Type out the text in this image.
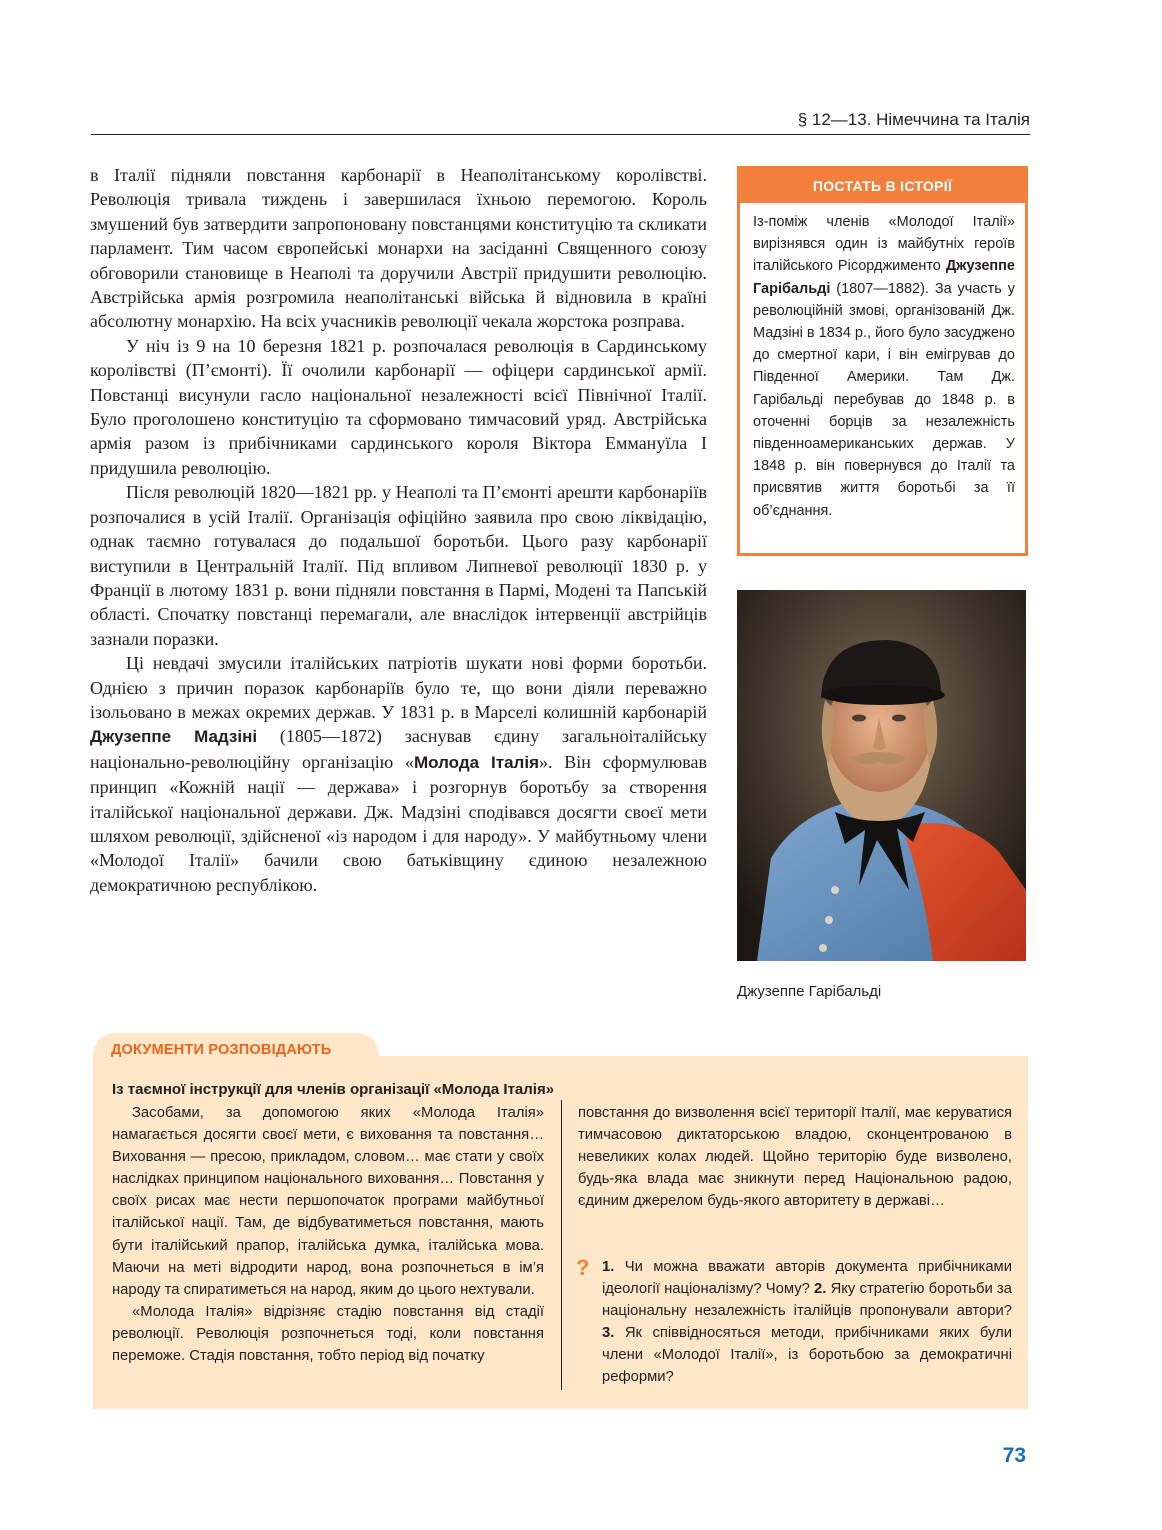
§ 12—13. Німеччина та Італія

в Італії підняли повстання карбонарії в Неаполітанському королівстві. Революція тривала тиждень і завершилася їхньою перемогою. Король змушений був затвердити запропоновану повстанцями конституцію та скликати парламент. Тим часом європейські монархи на засіданні Священного союзу обговорили становище в Неаполі та доручили Австрії придушити революцію. Австрійська армія розгромила неаполітанські війська й відновила в країні абсолютну монархію. На всіх учасників революції чекала жорстока розправа.

У ніч із 9 на 10 березня 1821 р. розпочалася революція в Сардинському королівстві (П’ємонті). Її очолили карбонарії — офіцери сардинської армії. Повстанці висунули гасло національної незалежності всієї Північної Італії. Було проголошено конституцію та сформовано тимчасовий уряд. Австрійська армія разом із прибічниками сардинського короля Віктора Еммануїла I придушила революцію.

Після революцій 1820—1821 рр. у Неаполі та П’ємонті арешти карбонаріїв розпочалися в усій Італії. Організація офіційно заявила про свою ліквідацію, однак таємно готувалася до подальшої боротьби. Цього разу карбонарії виступили в Центральній Італії. Під впливом Липневої революції 1830 р. у Франції в лютому 1831 р. вони підняли повстання в Пармі, Модені та Папській області. Спочатку повстанці перемагали, але внаслідок інтервенції австрійців зазнали поразки.

Ці невдачі змусили італійських патріотів шукати нові форми боротьби. Однією з причин поразок карбонаріїв було те, що вони діяли переважно ізольовано в межах окремих держав. У 1831 р. в Марселі колишній карбонарій Джузеппе Мадзіні (1805—1872) заснував єдину загальноіталійську національно-революційну організацію «Молода Італія». Він сформулював принцип «Кожній нації — держава» і розгорнув боротьбу за створення італійської національної держави. Дж. Мадзіні сподівався досягти своєї мети шляхом революції, здійсненої «із народом і для народу». У майбутньому члени «Молодої Італії» бачили свою батьківщину єдиною незалежною демократичною республікою.

ПОСТАТЬ В ІСТОРІЇ
Із-поміж членів «Молодої Італії» вирізнявся один із майбутніх героїв італійського Рісорджименто Джузеппе Гарібальді (1807—1882). За участь у революційній змові, організованій Дж. Мадзіні в 1834 р., його було засуджено до смертної кари, і він емігрував до Південної Америки. Там Дж. Гарібальді перебував до 1848 р. в оточенні борців за незалежність південноамериканських держав. У 1848 р. він повернувся до Італії та присвятив життя боротьбі за її об’єднання.
Джузеппе Гарібальді
ДОКУМЕНТИ РОЗПОВІДАЮТЬ
Із таємної інструкції для членів організації «Молода Італія»

Засобами, за допомогою яких «Молода Італія» намагається досягти своєї мети, є виховання та повстання… Виховання — пресою, прикладом, словом… має стати у своїх наслідках принципом національного виховання… Повстання у своїх рисах має нести першопочаток програми майбутньої італійської нації. Там, де відбуватиметься повстання, мають бути італійський прапор, італійська думка, італійська мова. Маючи на меті відродити народ, вона розпочнеться в ім’я народу та спиратиметься на народ, яким до цього нехтували.

«Молода Італія» відрізняє стадію повстання від стадії революції. Революція розпочнеться тоді, коли повстання переможе. Стадія повстання, тобто період від початку

повстання до визволення всієї території Італії, має керуватися тимчасовою диктаторською владою, сконцентрованою в невеликих колах людей. Щойно територію буде визволено, будь-яка влада має зникнути перед Національною радою, єдиним джерелом будь-якого авторитету в державі…

? 1. Чи можна вважати авторів документа прибічниками ідеології націоналізму? Чому? 2. Яку стратегію боротьби за національну незалежність італійців пропонували автори? 3. Як співвідносяться методи, прибічниками яких були члени «Молодої Італії», із боротьбою за демократичні реформи?
73
